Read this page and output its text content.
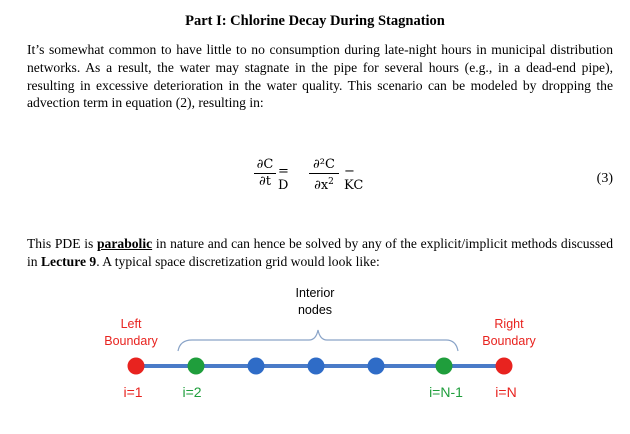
Part I: Chlorine Decay During Stagnation
It’s somewhat common to have little to no consumption during late-night hours in municipal distribution networks. As a result, the water may stagnate in the pipe for several hours (e.g., in a dead-end pipe), resulting in excessive deterioration in the water quality. This scenario can be modeled by dropping the advection term in equation (2), resulting in:
∂C
∂t
= D
∂²C
$\partial x^2$
− KC	(3)
This PDE is parabolic in nature and can hence be solved by any of the explicit/implicit methods discussed in Lecture 9. A typical space discretization grid would look like:
Interior
nodes
Left
Boundary
Right
Boundary
i=1	i=2	i=N-1	i=N
